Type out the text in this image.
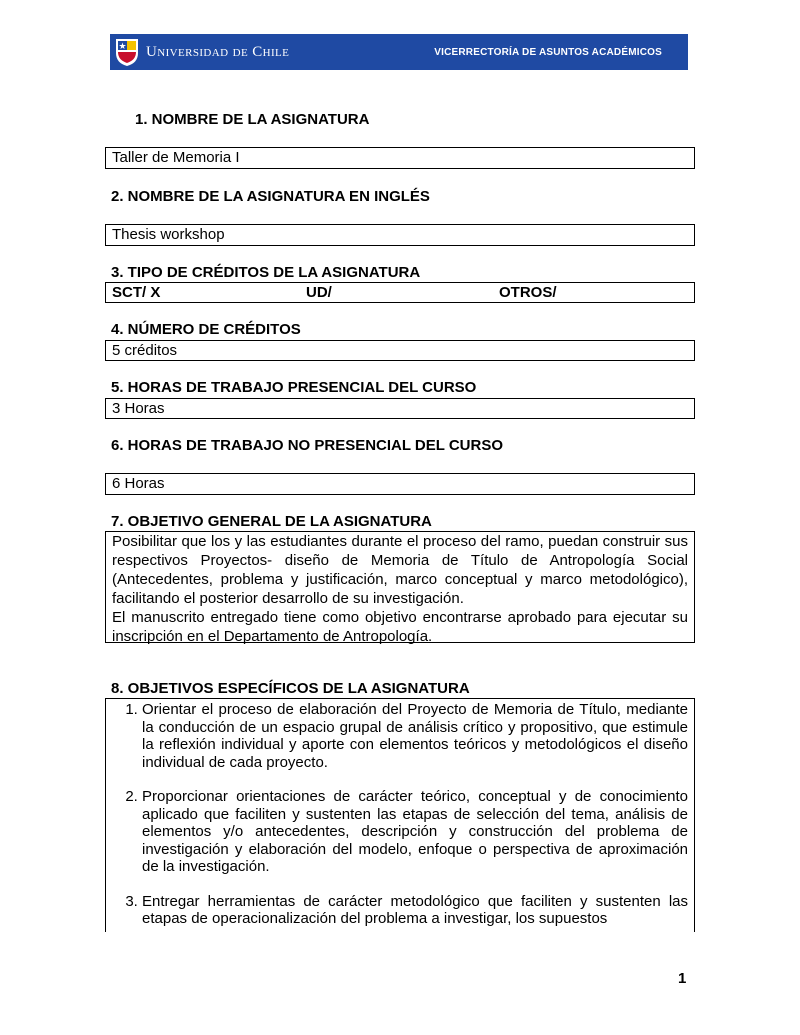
Universidad de Chile	VICERRECTORÍA DE ASUNTOS ACADÉMICOS
1. NOMBRE DE LA ASIGNATURA
Taller de Memoria I
2. NOMBRE DE LA ASIGNATURA EN INGLÉS
Thesis workshop
3. TIPO DE CRÉDITOS DE LA ASIGNATURA
SCT/ X	UD/	OTROS/
4. NÚMERO DE CRÉDITOS
5 créditos
5. HORAS DE TRABAJO PRESENCIAL DEL CURSO
3 Horas
6. HORAS DE TRABAJO NO PRESENCIAL DEL CURSO
6 Horas
7. OBJETIVO GENERAL DE LA ASIGNATURA
Posibilitar que los y las estudiantes durante el proceso del ramo, puedan construir sus respectivos Proyectos- diseño de Memoria de Título de Antropología Social (Antecedentes, problema y justificación, marco conceptual y marco metodológico), facilitando el posterior desarrollo de su investigación.
El manuscrito entregado tiene como objetivo encontrarse aprobado para ejecutar su inscripción en el Departamento de Antropología.
8. OBJETIVOS ESPECÍFICOS DE LA ASIGNATURA
1. Orientar el proceso de elaboración del Proyecto de Memoria de Título, mediante la conducción de un espacio grupal de análisis crítico y propositivo, que estimule la reflexión individual y aporte con elementos teóricos y metodológicos el diseño individual de cada proyecto.
2. Proporcionar orientaciones de carácter teórico, conceptual y de conocimiento aplicado que faciliten y sustenten las etapas de selección del tema, análisis de elementos y/o antecedentes, descripción y construcción del problema de investigación y elaboración del modelo, enfoque o perspectiva de aproximación de la investigación.
3. Entregar herramientas de carácter metodológico que faciliten y sustenten las etapas de operacionalización del problema a investigar, los supuestos
1
